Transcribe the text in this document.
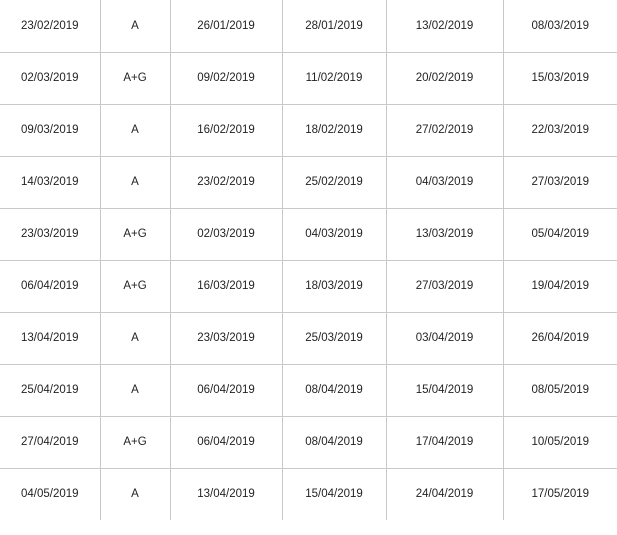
23/02/2019	A	26/01/2019	28/01/2019	13/02/2019	08/03/2019
02/03/2019	A+G	09/02/2019	11/02/2019	20/02/2019	15/03/2019
09/03/2019	A	16/02/2019	18/02/2019	27/02/2019	22/03/2019
14/03/2019	A	23/02/2019	25/02/2019	04/03/2019	27/03/2019
23/03/2019	A+G	02/03/2019	04/03/2019	13/03/2019	05/04/2019
06/04/2019	A+G	16/03/2019	18/03/2019	27/03/2019	19/04/2019
13/04/2019	A	23/03/2019	25/03/2019	03/04/2019	26/04/2019
25/04/2019	A	06/04/2019	08/04/2019	15/04/2019	08/05/2019
27/04/2019	A+G	06/04/2019	08/04/2019	17/04/2019	10/05/2019
04/05/2019	A	13/04/2019	15/04/2019	24/04/2019	17/05/2019
